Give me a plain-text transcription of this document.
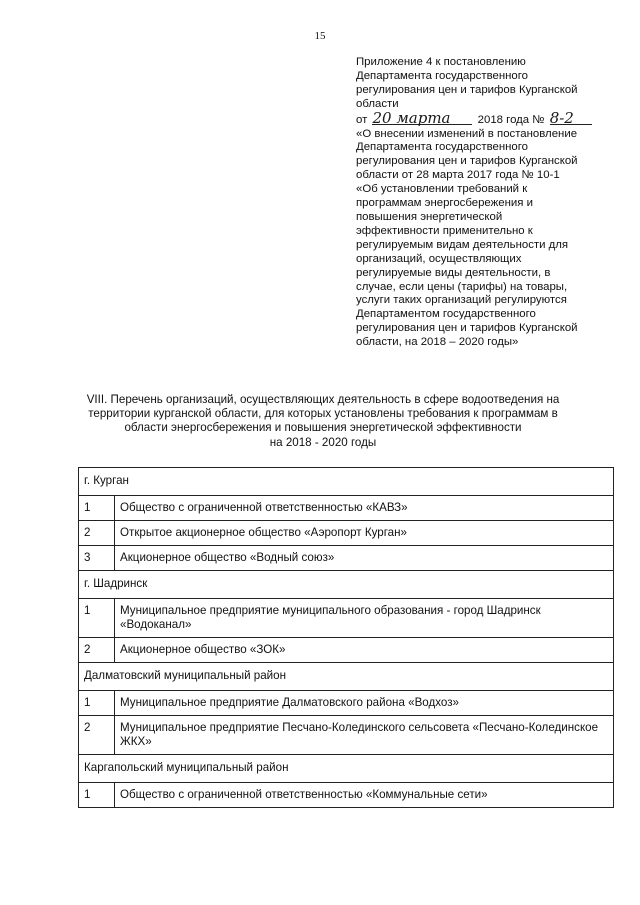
15
Приложение 4 к постановлению
Департамента государственного
регулирования цен и тарифов Курганской
области
от 20 марта 2018 года № 8-2
«О внесении изменений в постановление
Департамента государственного
регулирования цен и тарифов Курганской
области от 28 марта 2017 года № 10-1
«Об установлении требований к
программам энергосбережения и
повышения энергетической
эффективности применительно к
регулируемым видам деятельности для
организаций, осуществляющих
регулируемые виды деятельности, в
случае, если цены (тарифы) на товары,
услуги таких организаций регулируются
Департаментом государственного
регулирования цен и тарифов Курганской
области, на 2018 – 2020 годы»
VIII. Перечень организаций, осуществляющих деятельность в сфере водоотведения на
территории курганской области, для которых установлены требования к программам в
области энергосбережения и повышения энергетической эффективности
на 2018 - 2020 годы
г. Курган	
1	Общество с ограниченной ответственностью «КАВЗ»
2	Открытое акционерное общество «Аэропорт Курган»
3	Акционерное общество «Водный союз»
г. Шадринск	
1	Муниципальное предприятие муниципального образования - город Шадринск «Водоканал»
2	Акционерное общество «ЗОК»
Далматовский муниципальный район	
1	Муниципальное предприятие Далматовского района «Водхоз»
2	Муниципальное предприятие Песчано-Колединского сельсовета «Песчано-Колединское ЖКХ»
Каргапольский муниципальный район	
1	Общество с ограниченной ответственностью «Коммунальные сети»
